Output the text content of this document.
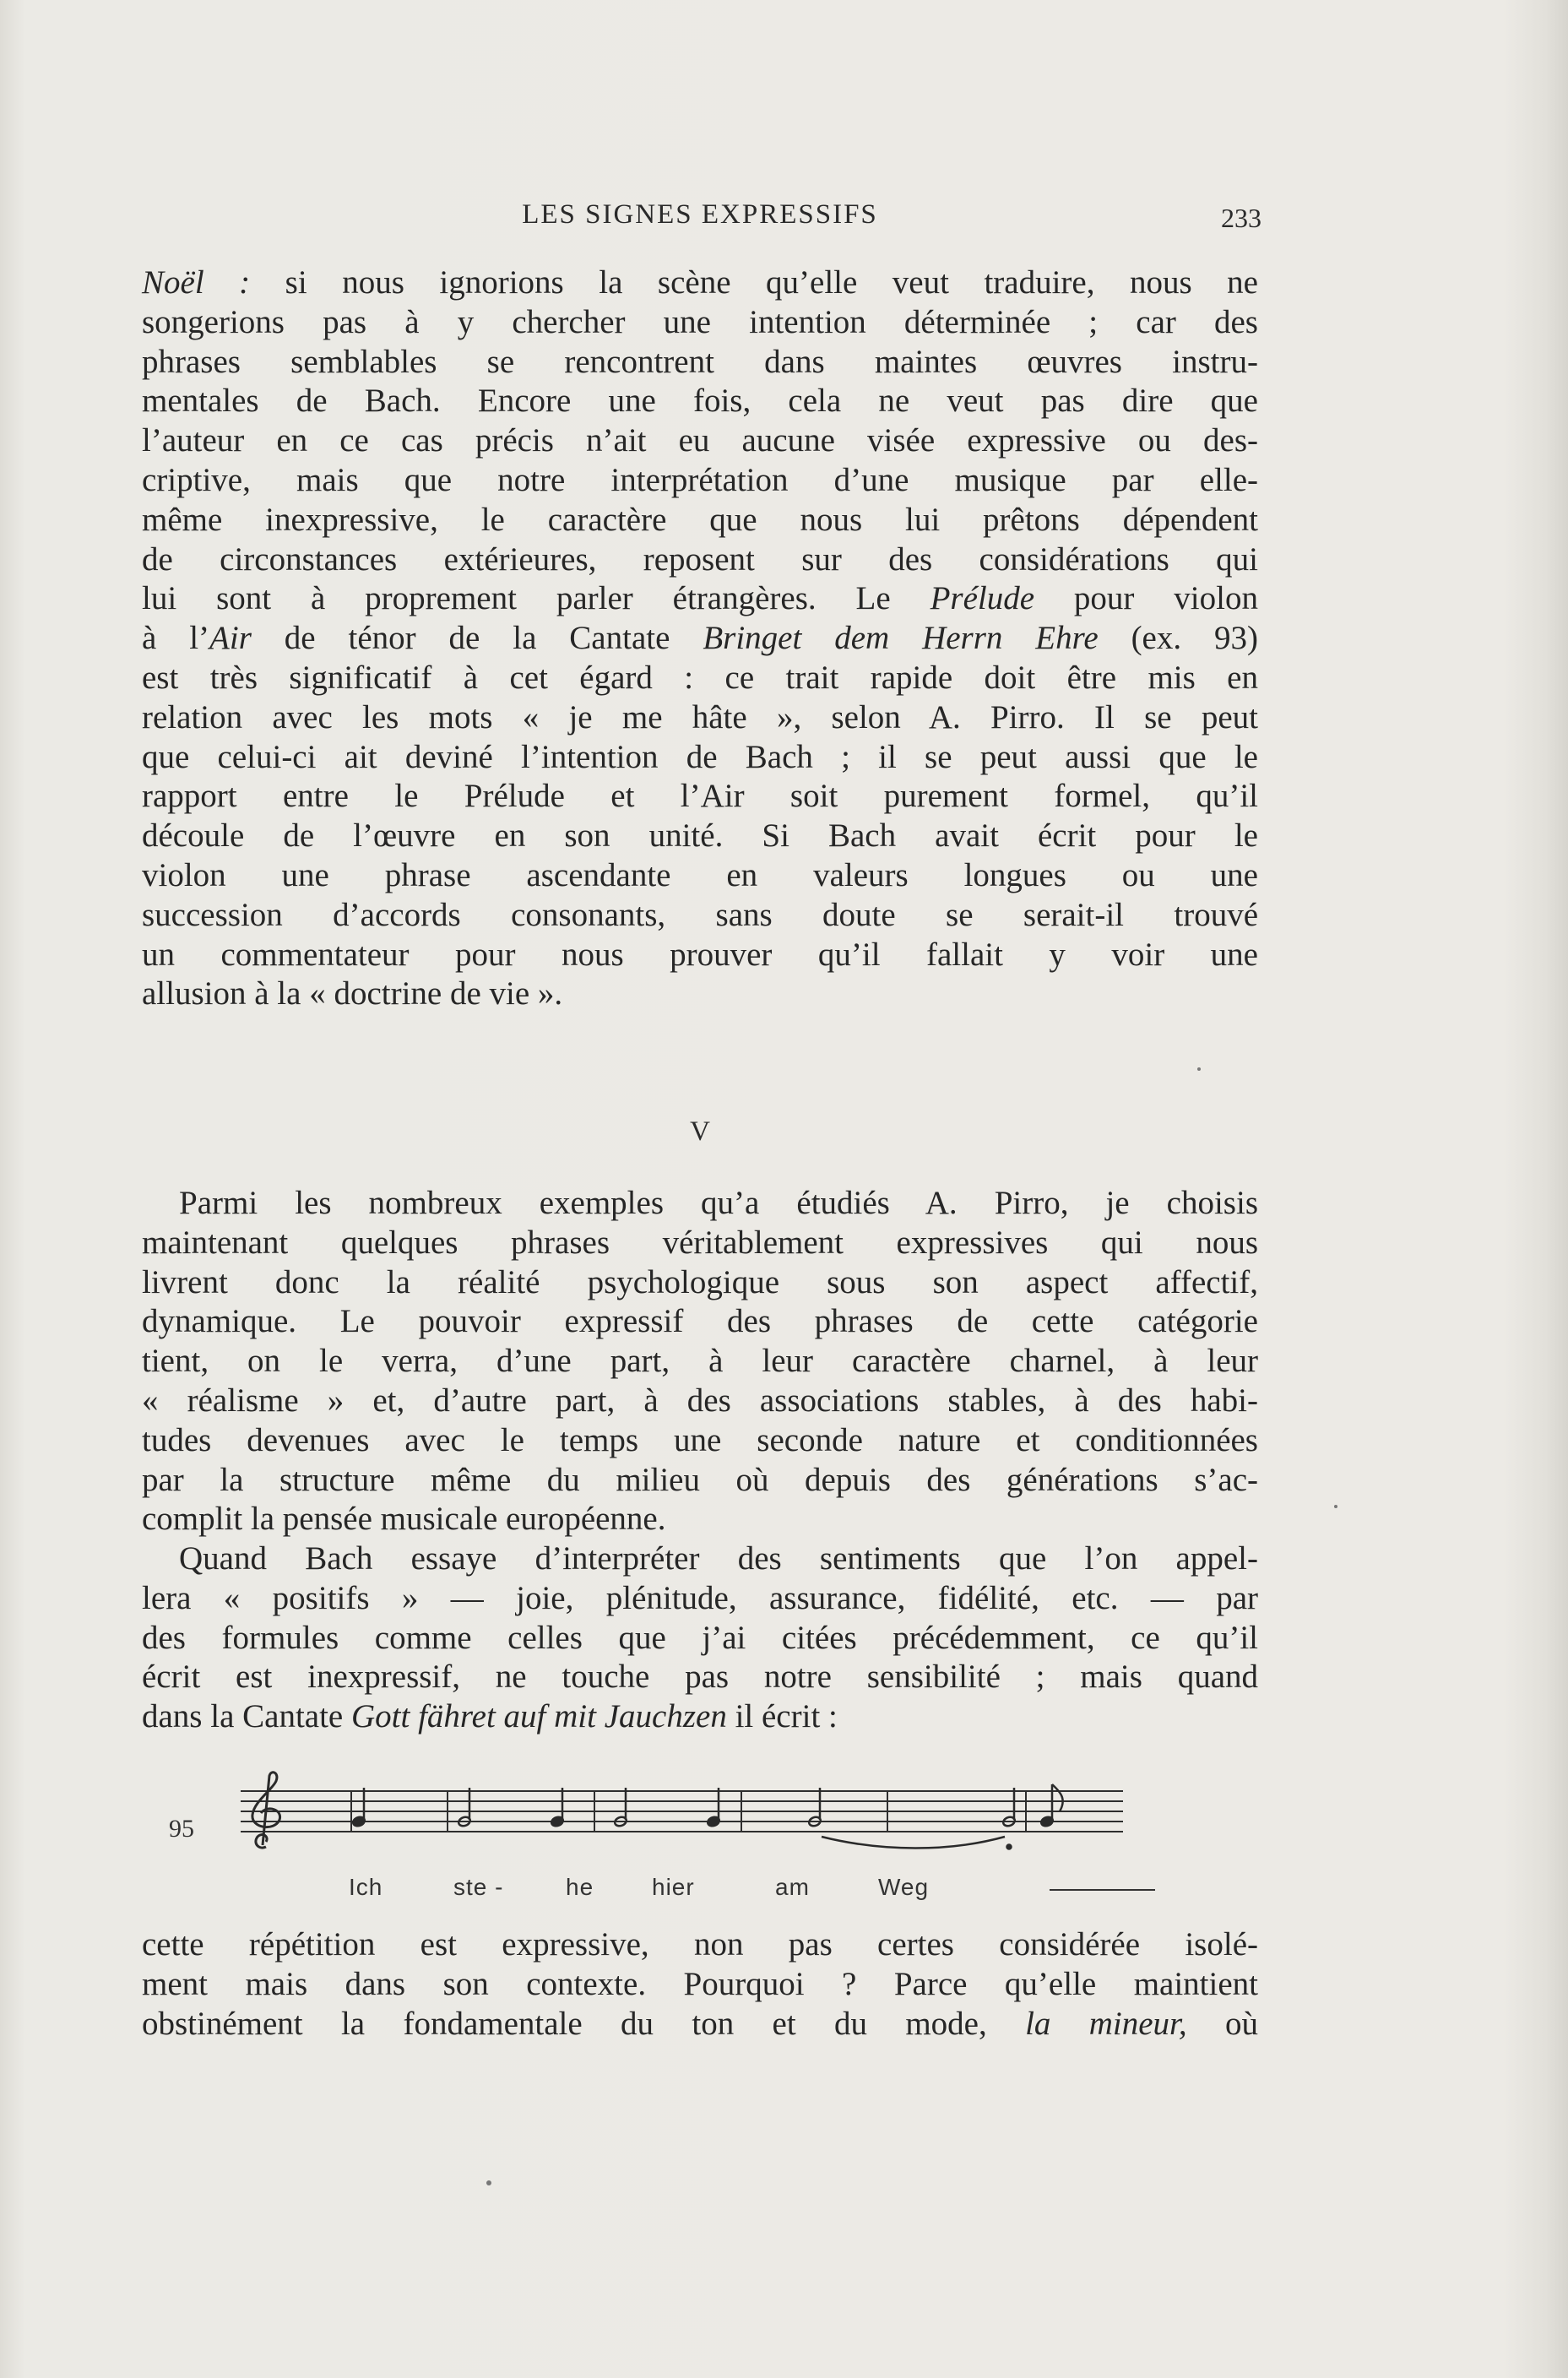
LES SIGNES EXPRESSIFS	233
Noël : si nous ignorions la scène qu’elle veut traduire, nous ne
songerions pas à y chercher une intention déterminée ; car des
phrases semblables se rencontrent dans maintes œuvres instru-
mentales de Bach. Encore une fois, cela ne veut pas dire que
l’auteur en ce cas précis n’ait eu aucune visée expressive ou des-
criptive, mais que notre interprétation d’une musique par elle-
même inexpressive, le caractère que nous lui prêtons dépendent
de circonstances extérieures, reposent sur des considérations qui
lui sont à proprement parler étrangères. Le Prélude pour violon
à l’Air de ténor de la Cantate Bringet dem Herrn Ehre (ex. 93)
est très significatif à cet égard : ce trait rapide doit être mis en
relation avec les mots « je me hâte », selon A. Pirro. Il se peut
que celui-ci ait deviné l’intention de Bach ; il se peut aussi que le
rapport entre le Prélude et l’Air soit purement formel, qu’il
découle de l’œuvre en son unité. Si Bach avait écrit pour le
violon une phrase ascendante en valeurs longues ou une
succession d’accords consonants, sans doute se serait-il trouvé
un commentateur pour nous prouver qu’il fallait y voir une
allusion à la « doctrine de vie ».
V
Parmi les nombreux exemples qu’a étudiés A. Pirro, je choisis
maintenant quelques phrases véritablement expressives qui nous
livrent donc la réalité psychologique sous son aspect affectif,
dynamique. Le pouvoir expressif des phrases de cette catégorie
tient, on le verra, d’une part, à leur caractère charnel, à leur
« réalisme » et, d’autre part, à des associations stables, à des habi-
tudes devenues avec le temps une seconde nature et conditionnées
par la structure même du milieu où depuis des générations s’ac-
complit la pensée musicale européenne.
Quand Bach essaye d’interpréter des sentiments que l’on appel-
lera « positifs » — joie, plénitude, assurance, fidélité, etc. — par
des formules comme celles que j’ai citées précédemment, ce qu’il
écrit est inexpressif, ne touche pas notre sensibilité ; mais quand
dans la Cantate Gott fähret auf mit Jauchzen il écrit :
95
Ich	ste -	he hier	am	Weg
cette répétition est expressive, non pas certes considérée isolé-
ment mais dans son contexte. Pourquoi ? Parce qu’elle maintient
obstinément la fondamentale du ton et du mode, la mineur, où
